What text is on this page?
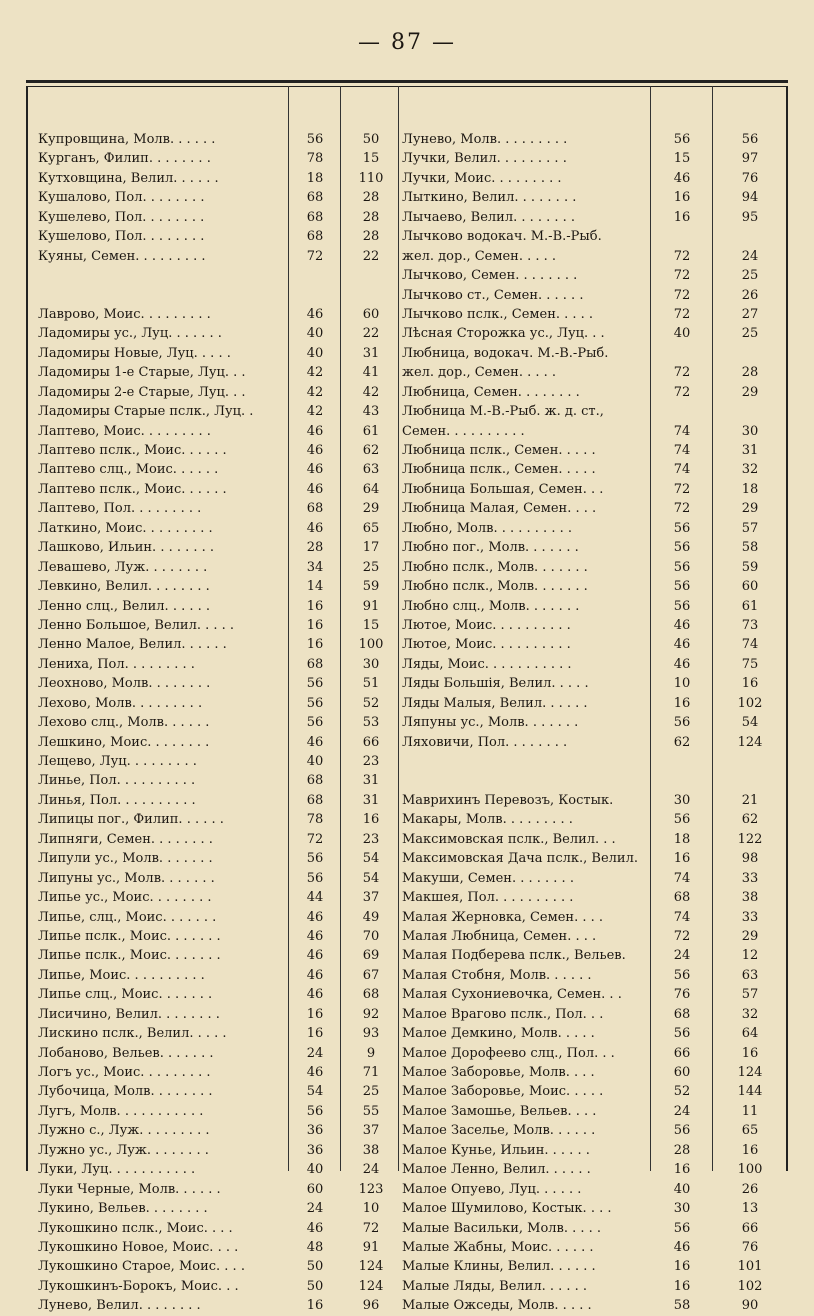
— 87 —
Купровщина, Молв. . . . . .	56	50
Курганъ, Филип. . . . . . . .	78	15
Кутховщина, Велил. . . . . .	18	110
Кушалово, Пол. . . . . . . .	68	28
Кушелево, Пол. . . . . . . .	68	28
Кушелово, Пол. . . . . . . .	68	28
Куяны, Семен. . . . . . . . .	72	22
Лаврово, Моис. . . . . . . . .	46	60
Ладомиры ус., Луц. . . . . . .	40	22
Ладомиры Новые, Луц. . . . .	40	31
Ладомиры 1-е Старые, Луц. . .	42	41
Ладомиры 2-е Старые, Луц. . .	42	42
Ладомиры Старые пслк., Луц. .	42	43
Лаптево, Моис. . . . . . . . .	46	61
Лаптево пслк., Моис. . . . . .	46	62
Лаптево слц., Моис. . . . . .	46	63
Лаптево пслк., Моис. . . . . .	46	64
Лаптево, Пол. . . . . . . . .	68	29
Латкино, Моис. . . . . . . . .	46	65
Лашково, Ильин. . . . . . . .	28	17
Левашево, Луж. . . . . . . .	34	25
Левкино, Велил. . . . . . . .	14	59
Ленно слц., Велил. . . . . .	16	91
Ленно Большое, Велил. . . . .	16	15
Ленно Малое, Велил. . . . . .	16	100
Лениха, Пол. . . . . . . . .	68	30
Леохново, Молв. . . . . . . .	56	51
Лехово, Молв. . . . . . . . .	56	52
Лехово слц., Молв. . . . . .	56	53
Лешкино, Моис. . . . . . . .	46	66
Лещево, Луц. . . . . . . . .	40	23
Линье, Пол. . . . . . . . . .	68	31
Линья, Пол. . . . . . . . . .	68	31
Липицы пог., Филип. . . . . .	78	16
Липняги, Семен. . . . . . . .	72	23
Липули ус., Молв. . . . . . .	56	54
Липуны ус., Молв. . . . . . .	56	54
Липье ус., Моис. . . . . . . .	44	37
Липье, слц., Моис. . . . . . .	46	49
Липье пслк., Моис. . . . . . .	46	70
Липье пслк., Моис. . . . . . .	46	69
Липье, Моис. . . . . . . . . .	46	67
Липье слц., Моис. . . . . . .	46	68
Лисичино, Велил. . . . . . . .	16	92
Лискино пслк., Велил. . . . .	16	93
Лобаново, Вельев. . . . . . .	24	9
Логъ ус., Моис. . . . . . . . .	46	71
Лубочица, Молв. . . . . . . .	54	25
Лугъ, Молв. . . . . . . . . . .	56	55
Лужно с., Луж. . . . . . . . .	36	37
Лужно ус., Луж. . . . . . . .	36	38
Луки, Луц. . . . . . . . . . .	40	24
Луки Черные, Молв. . . . . .	60	123
Лукино, Вельев. . . . . . . .	24	10
Лукошкино пслк., Моис. . . .	46	72
Лукошкино Новое, Моис. . . .	48	91
Лукошкино Старое, Моис. . . .	50	124
Лукошкинъ-Борокъ, Моис. . .	50	124
Лунево, Велил. . . . . . . .	16	96
Лунево, Молв. . . . . . . . .	56	56
Лучки, Велил. . . . . . . . .	15	97
Лучки, Моис. . . . . . . . .	46	76
Лыткино, Велил. . . . . . . .	16	94
Лычаево, Велил. . . . . . . .	16	95
Лычково водокач. М.-В.-Рыб.
жел. дор., Семен. . . . .	72	24
Лычково, Семен. . . . . . . .	72	25
Лычково ст., Семен. . . . . .	72	26
Лычково пслк., Семен. . . . .	72	27
Лѣсная Сторожка ус., Луц. . .	40	25
Любница, водокач. М.-В.-Рыб.
жел. дор., Семен. . . . .	72	28
Любница, Семен. . . . . . . .	72	29
Любница М.-В.-Рыб. ж. д. ст.,
Семен. . . . . . . . . .	74	30
Любница пслк., Семен. . . . .	74	31
Любница пслк., Семен. . . . .	74	32
Любница Большая, Семен. . .	72	18
Любница Малая, Семен. . . .	72	29
Любно, Молв. . . . . . . . . .	56	57
Любно пог., Молв. . . . . . .	56	58
Любно пслк., Молв. . . . . . .	56	59
Любно пслк., Молв. . . . . . .	56	60
Любно слц., Молв. . . . . . .	56	61
Лютое, Моис. . . . . . . . . .	46	73
Лютое, Моис. . . . . . . . . .	46	74
Ляды, Моис. . . . . . . . . . .	46	75
Ляды Большія, Велил. . . . .	10	16
Ляды Малыя, Велил. . . . . .	16	102
Ляпуны ус., Молв. . . . . . .	56	54
Ляховичи, Пол. . . . . . . .	62	124
Маврихинъ Перевозъ, Костык.	30	21
Макары, Молв. . . . . . . . .	56	62
Максимовская пслк., Велил. . .	18	122
Максимовская Дача пслк., Велил.	16	98
Макуши, Семен. . . . . . . .	74	33
Макшея, Пол. . . . . . . . . .	68	38
Малая Жерновка, Семен. . . .	74	33
Малая Любница, Семен. . . .	72	29
Малая Подберева пслк., Вельев.	24	12
Малая Стобня, Молв. . . . . .	56	63
Малая Сухониевочка, Семен. . .	76	57
Малое Врагово пслк., Пол. . .	68	32
Малое Демкино, Молв. . . . .	56	64
Малое Дорофеево слц., Пол. . .	66	16
Малое Заборовье, Молв. . . .	60	124
Малое Заборовье, Моис. . . . .	52	144
Малое Замошье, Вельев. . . .	24	11
Малое Заселье, Молв. . . . . .	56	65
Малое Кунье, Ильин. . . . . .	28	16
Малое Ленно, Велил. . . . . .	16	100
Малое Опуево, Луц. . . . . .	40	26
Малое Шумилово, Костык. . . .	30	13
Малые Васильки, Молв. . . . .	56	66
Малые Жабны, Моис. . . . . .	46	76
Малые Клины, Велил. . . . . .	16	101
Малые Ляды, Велил. . . . . .	16	102
Малые Ожседы, Молв. . . . .	58	90
